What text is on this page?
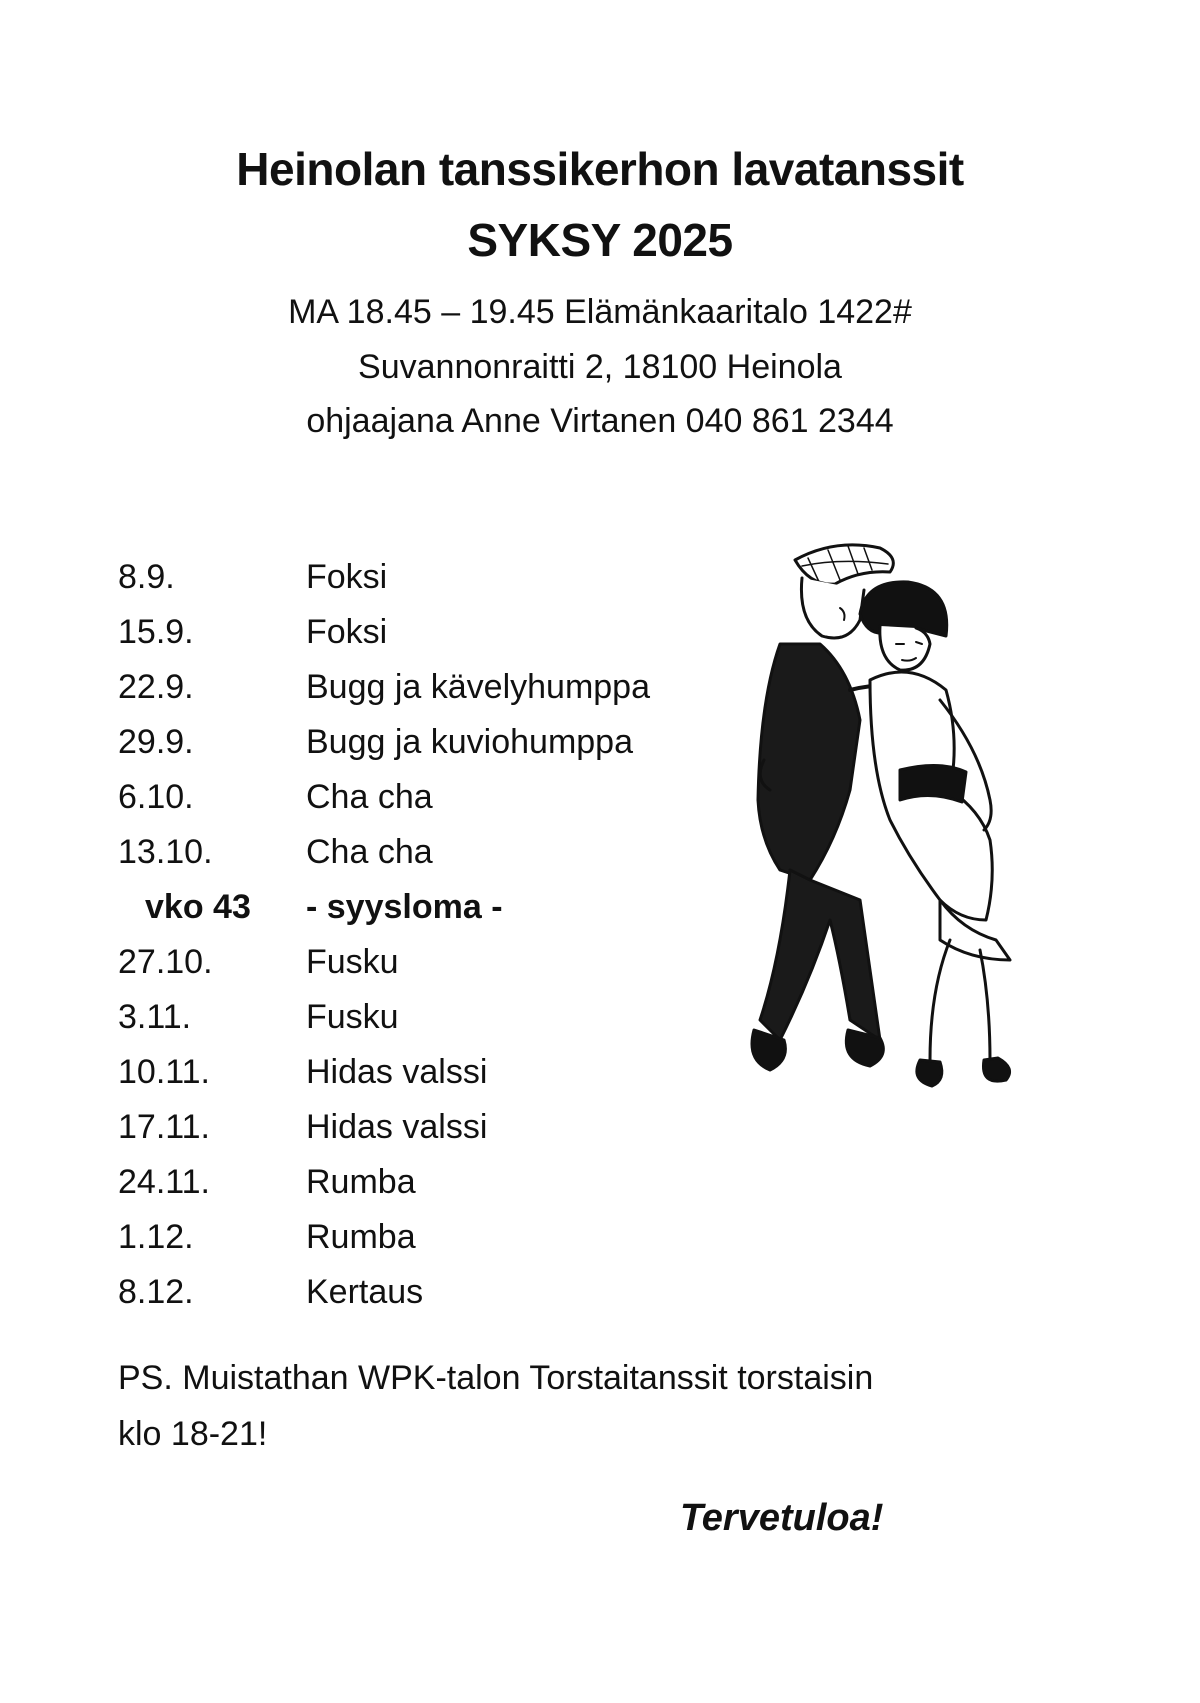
Heinolan tanssikerhon lavatanssit
SYKSY 2025
MA 18.45 – 19.45 Elämänkaaritalo 1422#
Suvannonraitti 2, 18100 Heinola
ohjaajana Anne Virtanen 040 861 2344
8.9.	Foksi
15.9.	Foksi
22.9.	Bugg ja kävelyhumppa
29.9.	Bugg ja kuviohumppa
6.10.	Cha cha
13.10.	Cha cha
vko 43 - syysloma -
27.10.	Fusku
3.11.	Fusku
10.11.	Hidas valssi
17.11.	Hidas valssi
24.11.	Rumba
1.12.	Rumba
8.12.	Kertaus
PS. Muistathan WPK-talon Torstaitanssit torstaisin
klo 18-21!
Tervetuloa!
